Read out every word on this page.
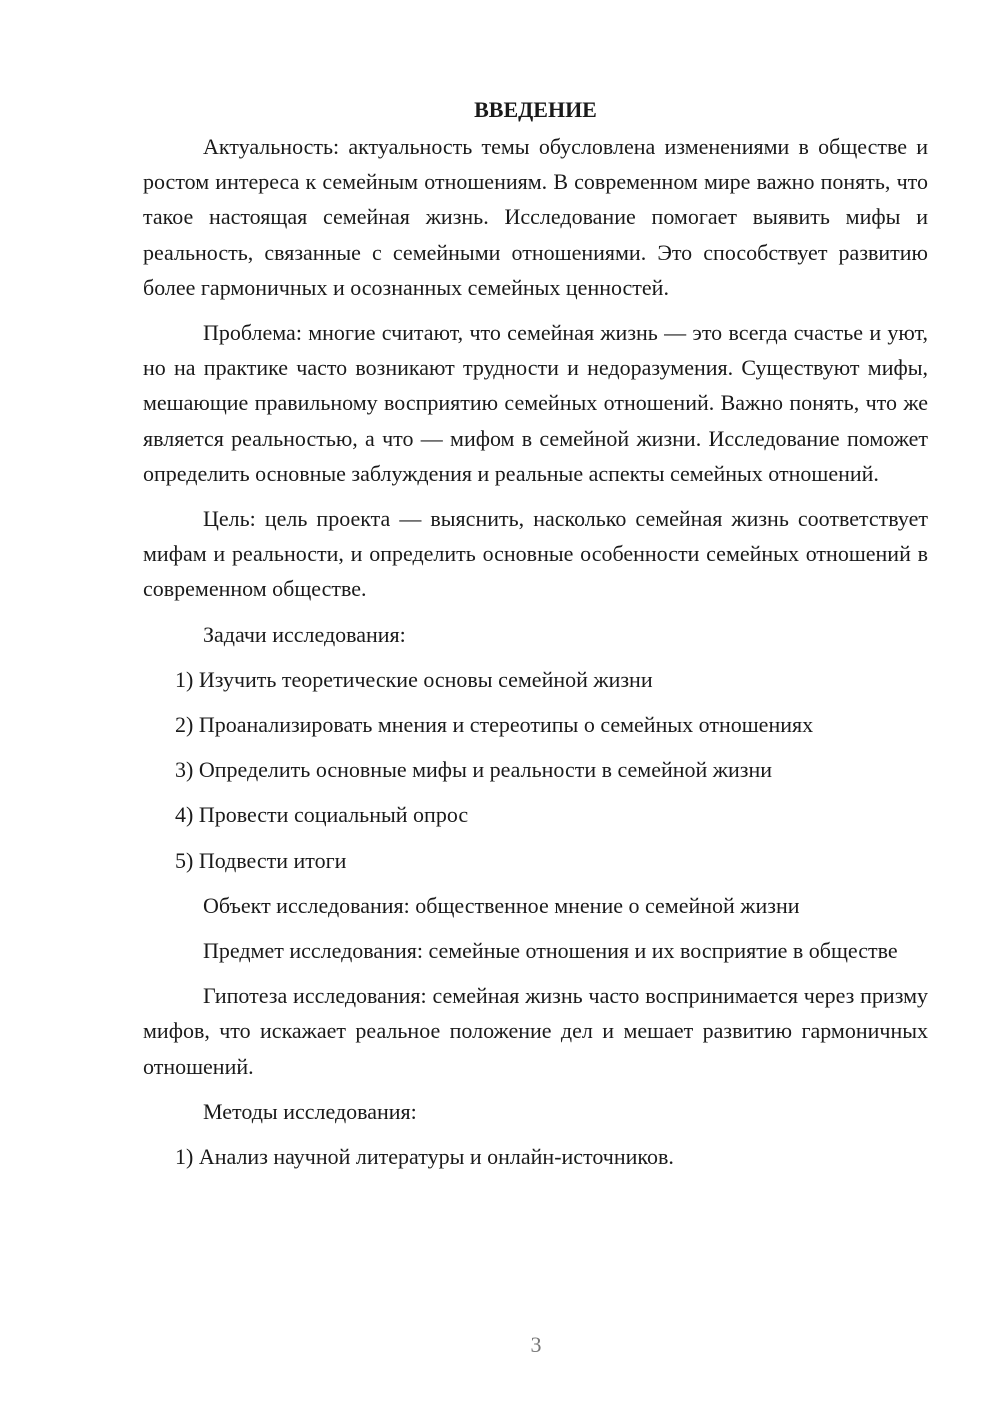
ВВЕДЕНИЕ

Актуальность: актуальность темы обусловлена изменениями в обществе и ростом интереса к семейным отношениям. В современном мире важно понять, что такое настоящая семейная жизнь. Исследование помогает выявить мифы и реальность, связанные с семейными отношениями. Это способствует развитию более гармоничных и осознанных семейных ценностей.

Проблема: многие считают, что семейная жизнь — это всегда счастье и уют, но на практике часто возникают трудности и недоразумения. Существуют мифы, мешающие правильному восприятию семейных отношений. Важно понять, что же является реальностью, а что — мифом в семейной жизни. Исследование поможет определить основные заблуждения и реальные аспекты семейных отношений.

Цель: цель проекта — выяснить, насколько семейная жизнь соответствует мифам и реальности, и определить основные особенности семейных отношений в современном обществе.

Задачи исследования:
1) Изучить теоретические основы семейной жизни
2) Проанализировать мнения и стереотипы о семейных отношениях
3) Определить основные мифы и реальности в семейной жизни
4) Провести социальный опрос
5) Подвести итоги
Объект исследования: общественное мнение о семейной жизни

Предмет исследования: семейные отношения и их восприятие в обществе

Гипотеза исследования: семейная жизнь часто воспринимается через призму мифов, что искажает реальное положение дел и мешает развитию гармоничных отношений.

Методы исследования:
1) Анализ научной литературы и онлайн-источников.
3
